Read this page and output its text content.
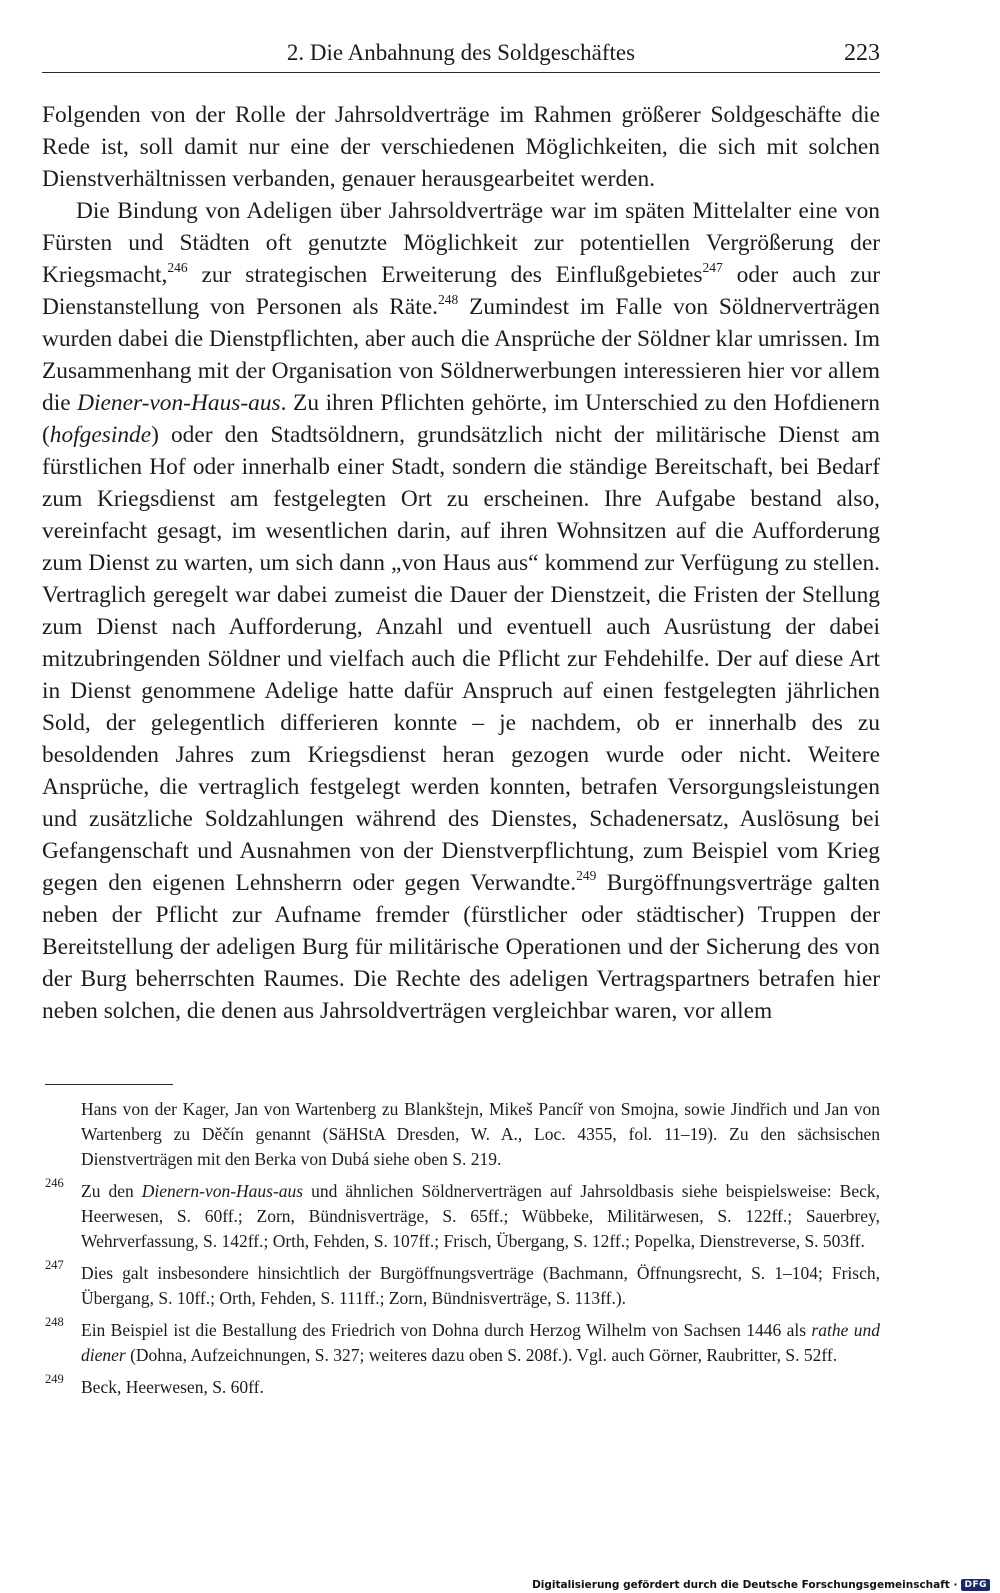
2. Die Anbahnung des Soldgeschäftes	223

Folgenden von der Rolle der Jahrsoldverträge im Rahmen größerer Soldgeschäfte die Rede ist, soll damit nur eine der verschiedenen Möglichkeiten, die sich mit solchen Dienstverhältnissen verbanden, genauer herausgearbeitet werden.

Die Bindung von Adeligen über Jahrsoldverträge war im späten Mittelalter eine von Fürsten und Städten oft genutzte Möglichkeit zur potentiellen Vergrößerung der Kriegsmacht,$^{246}$ zur strategischen Erweiterung des Einflußgebietes$^{247}$ oder auch zur Dienstanstellung von Personen als Räte.$^{248}$ Zumindest im Falle von Söldnerverträgen wurden dabei die Dienstpflichten, aber auch die Ansprüche der Söldner klar umrissen. Im Zusammenhang mit der Organisation von Söldnerwerbungen interessieren hier vor allem die Diener-von-Haus-aus. Zu ihren Pflichten gehörte, im Unterschied zu den Hofdienern (hofgesinde) oder den Stadtsöldnern, grundsätzlich nicht der militärische Dienst am fürstlichen Hof oder innerhalb einer Stadt, sondern die ständige Bereitschaft, bei Bedarf zum Kriegsdienst am festgelegten Ort zu erscheinen. Ihre Aufgabe bestand also, vereinfacht gesagt, im wesentlichen darin, auf ihren Wohnsitzen auf die Aufforderung zum Dienst zu warten, um sich dann „von Haus aus“ kommend zur Verfügung zu stellen. Vertraglich geregelt war dabei zumeist die Dauer der Dienstzeit, die Fristen der Stellung zum Dienst nach Aufforderung, Anzahl und eventuell auch Ausrüstung der dabei mitzubringenden Söldner und vielfach auch die Pflicht zur Fehdehilfe. Der auf diese Art in Dienst genommene Adelige hatte dafür Anspruch auf einen festgelegten jährlichen Sold, der gelegentlich differieren konnte – je nachdem, ob er innerhalb des zu besoldenden Jahres zum Kriegsdienst heran gezogen wurde oder nicht. Weitere Ansprüche, die vertraglich festgelegt werden konnten, betrafen Versorgungsleistungen und zusätzliche Soldzahlungen während des Dienstes, Schadenersatz, Auslösung bei Gefangenschaft und Ausnahmen von der Dienstverpflichtung, zum Beispiel vom Krieg gegen den eigenen Lehnsherrn oder gegen Verwandte.$^{249}$ Burgöffnungsverträge galten neben der Pflicht zur Aufname fremder (fürstlicher oder städtischer) Truppen der Bereitstellung der adeligen Burg für militärische Operationen und der Sicherung des von der Burg beherrschten Raumes. Die Rechte des adeligen Vertragspartners betrafen hier neben solchen, die denen aus Jahrsoldverträgen vergleichbar waren, vor allem

Hans von der Kager, Jan von Wartenberg zu Blankštejn, Mikeš Pancíř von Smojna, sowie Jindřich und Jan von Wartenberg zu Děčín genannt (SäHStA Dresden, W. A., Loc. 4355, fol. 11–19). Zu den sächsischen Dienstverträgen mit den Berka von Dubá siehe oben S. 219.
246 Zu den Dienern-von-Haus-aus und ähnlichen Söldnerverträgen auf Jahrsoldbasis siehe beispielsweise: Beck, Heerwesen, S. 60ff.; Zorn, Bündnisverträge, S. 65ff.; Wübbeke, Militärwesen, S. 122ff.; Sauerbrey, Wehrverfassung, S. 142ff.; Orth, Fehden, S. 107ff.; Frisch, Übergang, S. 12ff.; Popelka, Dienstreverse, S. 503ff.
247 Dies galt insbesondere hinsichtlich der Burgöffnungsverträge (Bachmann, Öffnungsrecht, S. 1–104; Frisch, Übergang, S. 10ff.; Orth, Fehden, S. 111ff.; Zorn, Bündnisverträge, S. 113ff.).
248 Ein Beispiel ist die Bestallung des Friedrich von Dohna durch Herzog Wilhelm von Sachsen 1446 als rathe und diener (Dohna, Aufzeichnungen, S. 327; weiteres dazu oben S. 208f.). Vgl. auch Görner, Raubritter, S. 52ff.
249 Beck, Heerwesen, S. 60ff.
Digitalisierung gefördert durch die Deutsche Forschungsgemeinschaft · DFG
